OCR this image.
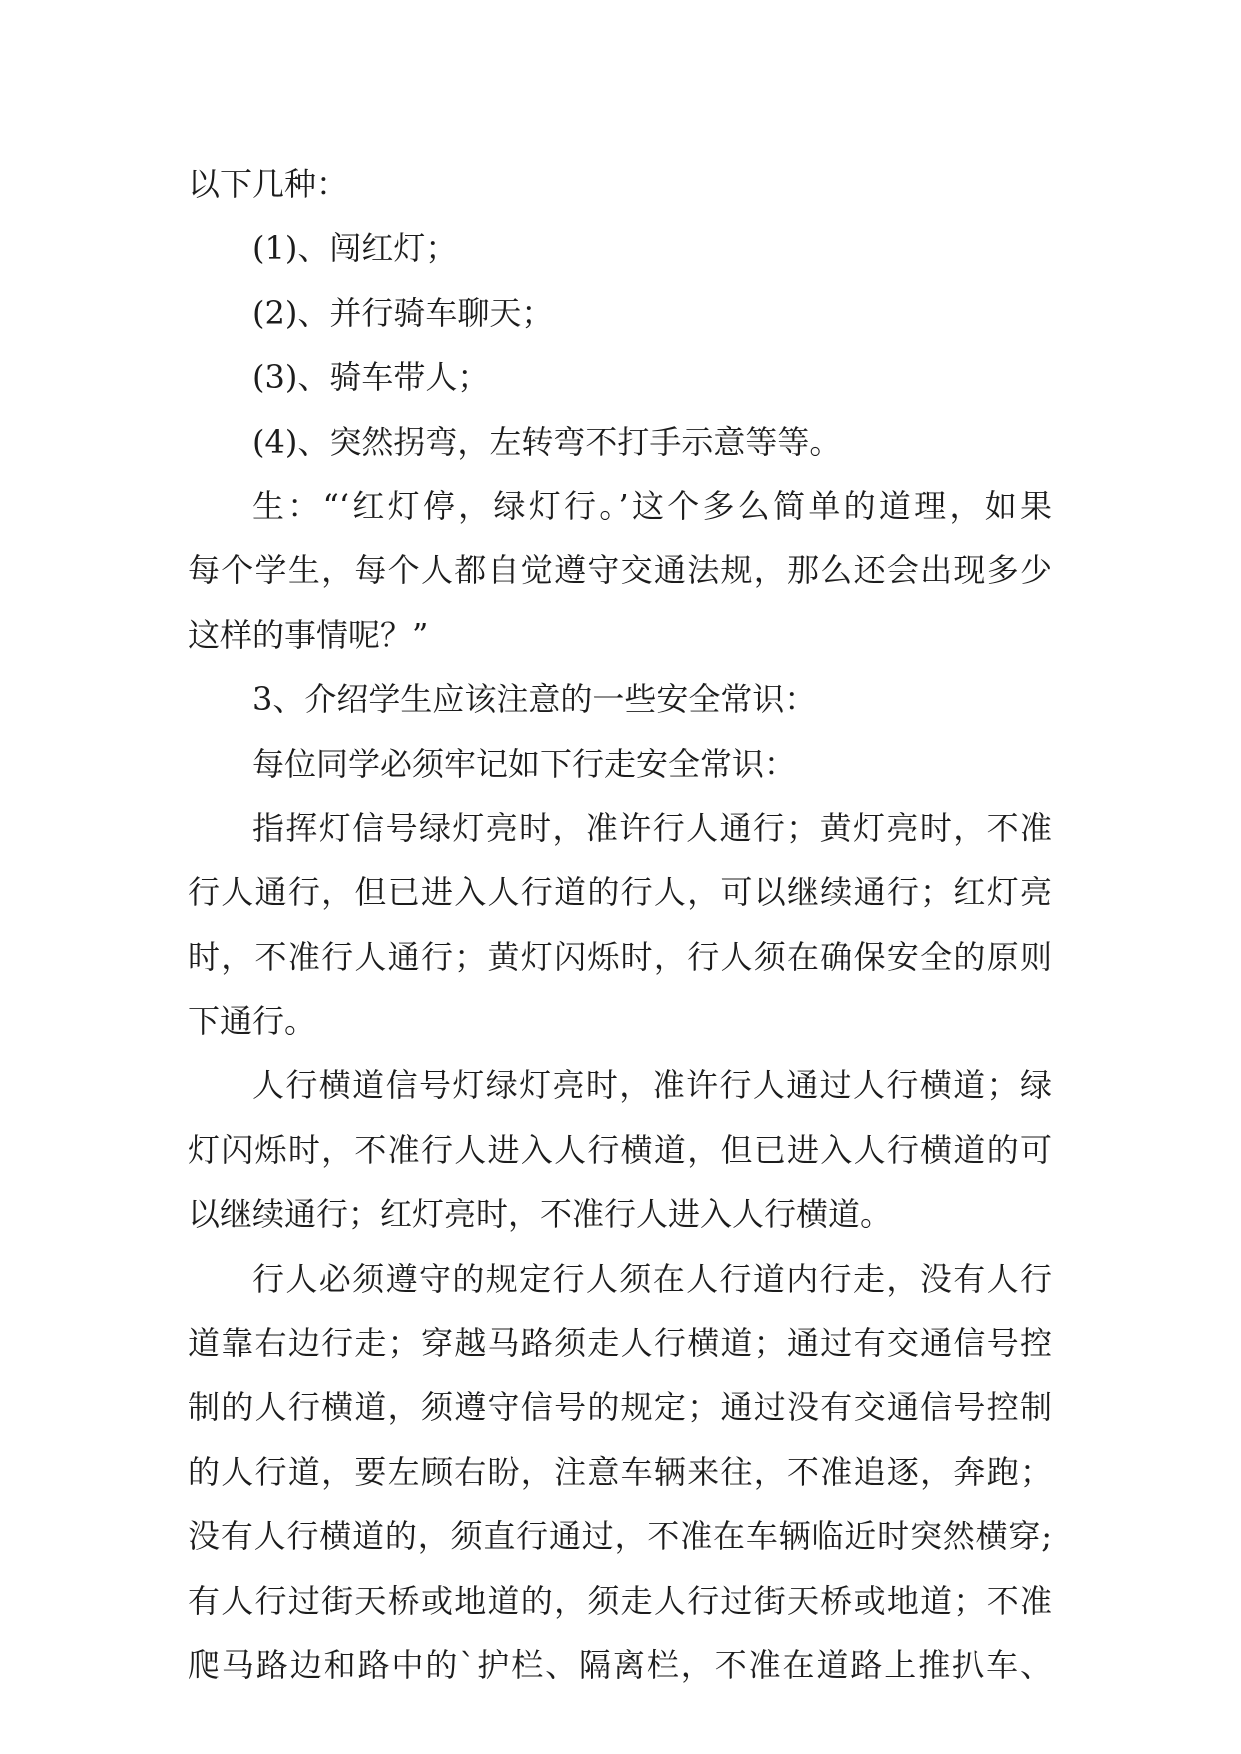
以下几种：
(1)、闯红灯；
(2)、并行骑车聊天；
(3)、骑车带人；
(4)、突然拐弯，左转弯不打手示意等等。
生：“‘红灯停，绿灯行。’这个多么简单的道理，如果
每个学生，每个人都自觉遵守交通法规，那么还会出现多少
这样的事情呢？”
3、介绍学生应该注意的一些安全常识：
每位同学必须牢记如下行走安全常识：
指挥灯信号绿灯亮时，准许行人通行；黄灯亮时，不准
行人通行，但已进入人行道的行人，可以继续通行；红灯亮
时，不准行人通行；黄灯闪烁时，行人须在确保安全的原则
下通行。
人行横道信号灯绿灯亮时，准许行人通过人行横道；绿
灯闪烁时，不准行人进入人行横道，但已进入人行横道的可
以继续通行；红灯亮时，不准行人进入人行横道。
行人必须遵守的规定行人须在人行道内行走，没有人行
道靠右边行走；穿越马路须走人行横道；通过有交通信号控
制的人行横道，须遵守信号的规定；通过没有交通信号控制
的人行道，要左顾右盼，注意车辆来往，不准追逐，奔跑；
没有人行横道的，须直行通过，不准在车辆临近时突然横穿;
有人行过街天桥或地道的，须走人行过街天桥或地道；不准
爬马路边和路中的`护栏、隔离栏，不准在道路上推扒车、
